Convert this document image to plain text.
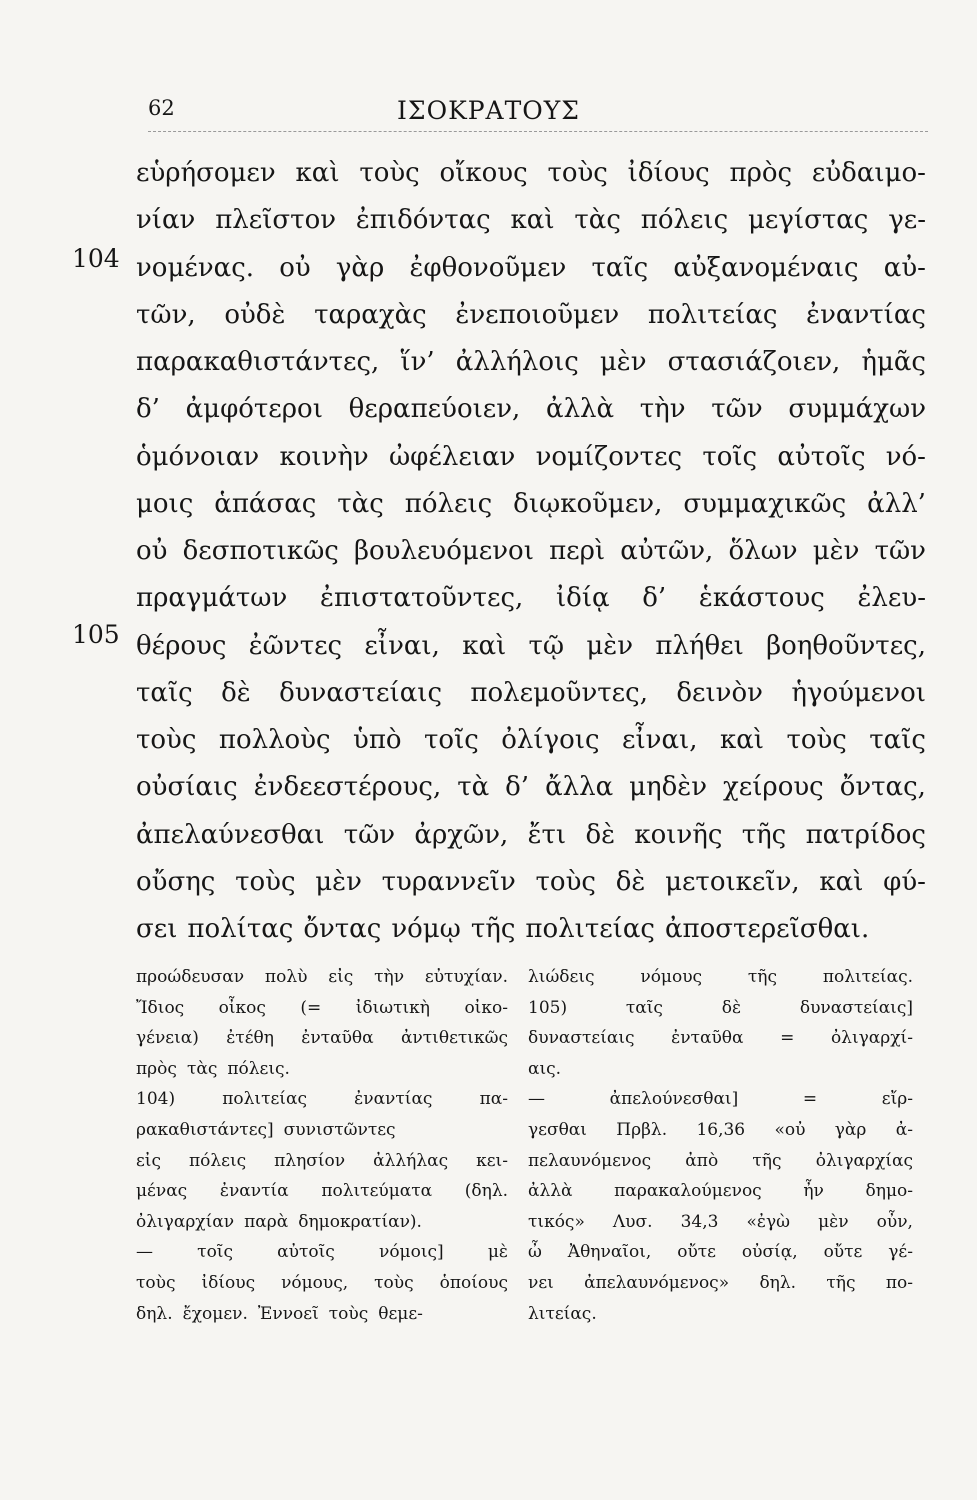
62	ΙΣΟΚΡΑΤΟΥΣ
104
105
εὑρήσομεν καὶ τοὺς οἴκους τοὺς ἰδίους πρὸς εὐδαιμο-
νίαν πλεῖστον ἐπιδόντας καὶ τὰς πόλεις μεγίστας γε-
νομένας. οὐ γὰρ ἐφθονοῦμεν ταῖς αὐξανομέναις αὐ-
τῶν, οὐδὲ ταραχὰς ἐνεποιοῦμεν πολιτείας ἐναντίας
παρακαθιστάντες, ἵν’ ἀλλήλοις μὲν στασιάζοιεν, ἡμᾶς
δ’ ἀμφότεροι θεραπεύοιεν, ἀλλὰ τὴν τῶν συμμάχων
ὁμόνοιαν κοινὴν ὠφέλειαν νομίζοντες τοῖς αὐτοῖς νό-
μοις ἁπάσας τὰς πόλεις διῳκοῦμεν, συμμαχικῶς ἀλλ’
οὐ δεσποτικῶς βουλευόμενοι περὶ αὐτῶν, ὅλων μὲν τῶν
πραγμάτων ἐπιστατοῦντες, ἰδίᾳ δ’ ἑκάστους ἐλευ-
θέρους ἐῶντες εἶναι, καὶ τῷ μὲν πλήθει βοηθοῦντες,
ταῖς δὲ δυναστείαις πολεμοῦντες, δεινὸν ἡγούμενοι
τοὺς πολλοὺς ὑπὸ τοῖς ὀλίγοις εἶναι, καὶ τοὺς ταῖς
οὐσίαις ἐνδεεστέρους, τὰ δ’ ἄλλα μηδὲν χείρους ὄντας,
ἀπελαύνεσθαι τῶν ἀρχῶν, ἔτι δὲ κοινῆς τῆς πατρίδος
οὔσης τοὺς μὲν τυραννεῖν τοὺς δὲ μετοικεῖν, καὶ φύ-
σει πολίτας ὄντας νόμῳ τῆς πολιτείας ἀποστερεῖσθαι.
προώδευσαν πολὺ εἰς τὴν εὐτυχίαν.
Ἴδιος οἶκος (= ἰδιωτικὴ οἰκο-
γένεια) ἐτέθη ἐνταῦθα ἀντιθετικῶς
πρὸς τὰς πόλεις.
104)	πολιτείας	ἐναντίας	πα-
ρακαθιστάντες] συνιστῶντες
εἰς πόλεις πλησίον ἀλλήλας κει-
μένας ἐναντία πολιτεύματα (δηλ.
ὀλιγαρχίαν παρὰ δημοκρατίαν).
—	τοῖς	αὐτοῖς	νόμοις]	μὲ
τοὺς ἰδίους νόμους, τοὺς ὁποίους
δηλ. ἔχομεν. Ἐννοεῖ τοὺς θεμε-
λιώδεις	νόμους	τῆς	πολιτείας.
105)	ταῖς	δὲ	δυναστείαις]
δυναστείαις ἐνταῦθα = ὀλιγαρχί-
αις.
—	ἀπελούνεσθαι]	=	εἴρ-
γεσθαι Πρβλ. 16,36 «οὐ γὰρ ἀ-
πελαυνόμενος ἀπὸ τῆς ὀλιγαρχίας
ἀλλὰ παρακαλούμενος ἦν δημο-
τικός» Λυσ. 34,3 «ἐγὼ μὲν οὖν,
ὦ Ἀθηναῖοι, οὔτε οὐσίᾳ, οὔτε γέ-
νει ἀπελαυνόμενος» δηλ. τῆς πο-
λιτείας.
